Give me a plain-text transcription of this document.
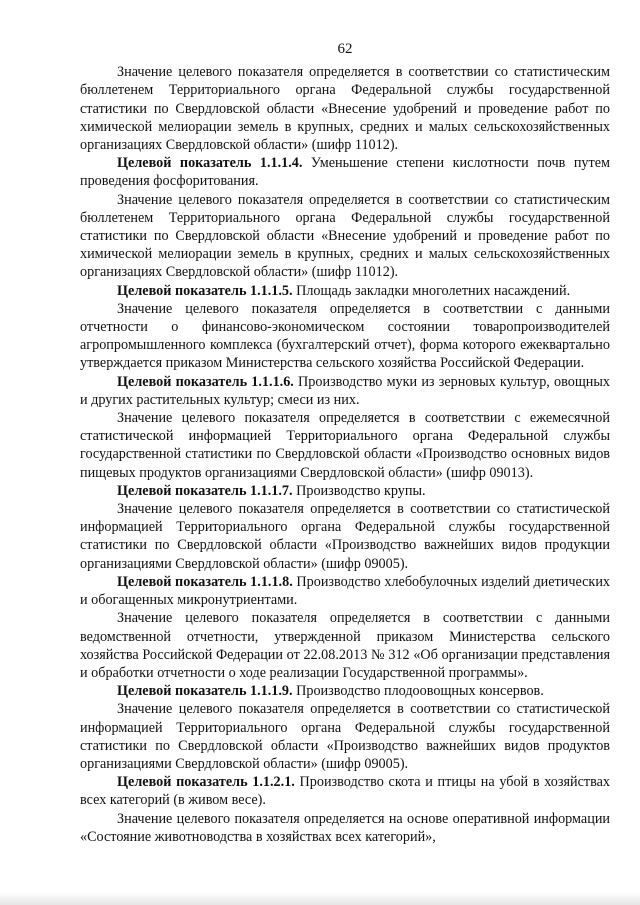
62

Значение целевого показателя определяется в соответствии со статистическим бюллетенем Территориального органа Федеральной службы государственной статистики по Свердловской области «Внесение удобрений и проведение работ по химической мелиорации земель в крупных, средних и малых сельскохозяйственных организациях Свердловской области» (шифр 11012).

Целевой показатель 1.1.1.4. Уменьшение степени кислотности почв путем проведения фосфоритования.

Значение целевого показателя определяется в соответствии со статистическим бюллетенем Территориального органа Федеральной службы государственной статистики по Свердловской области «Внесение удобрений и проведение работ по химической мелиорации земель в крупных, средних и малых сельскохозяйственных организациях Свердловской области» (шифр 11012).

Целевой показатель 1.1.1.5. Площадь закладки многолетних насаждений.

Значение целевого показателя определяется в соответствии с данными отчетности о финансово-экономическом состоянии товаропроизводителей агропромышленного комплекса (бухгалтерский отчет), форма которого ежеквартально утверждается приказом Министерства сельского хозяйства Российской Федерации.

Целевой показатель 1.1.1.6. Производство муки из зерновых культур, овощных и других растительных культур; смеси из них.

Значение целевого показателя определяется в соответствии с ежемесячной статистической информацией Территориального органа Федеральной службы государственной статистики по Свердловской области «Производство основных видов пищевых продуктов организациями Свердловской области» (шифр 09013).

Целевой показатель 1.1.1.7. Производство крупы.

Значение целевого показателя определяется в соответствии со статистической информацией Территориального органа Федеральной службы государственной статистики по Свердловской области «Производство важнейших видов продукции организациями Свердловской области» (шифр 09005).

Целевой показатель 1.1.1.8. Производство хлебобулочных изделий диетических и обогащенных микронутриентами.

Значение целевого показателя определяется в соответствии с данными ведомственной отчетности, утвержденной приказом Министерства сельского хозяйства Российской Федерации от 22.08.2013 № 312 «Об организации представления и обработки отчетности о ходе реализации Государственной программы».

Целевой показатель 1.1.1.9. Производство плодоовощных консервов.

Значение целевого показателя определяется в соответствии со статистической информацией Территориального органа Федеральной службы государственной статистики по Свердловской области «Производство важнейших видов продуктов организациями Свердловской области» (шифр 09005).

Целевой показатель 1.1.2.1. Производство скота и птицы на убой в хозяйствах всех категорий (в живом весе).

Значение целевого показателя определяется на основе оперативной информации «Состояние животноводства в хозяйствах всех категорий»,
